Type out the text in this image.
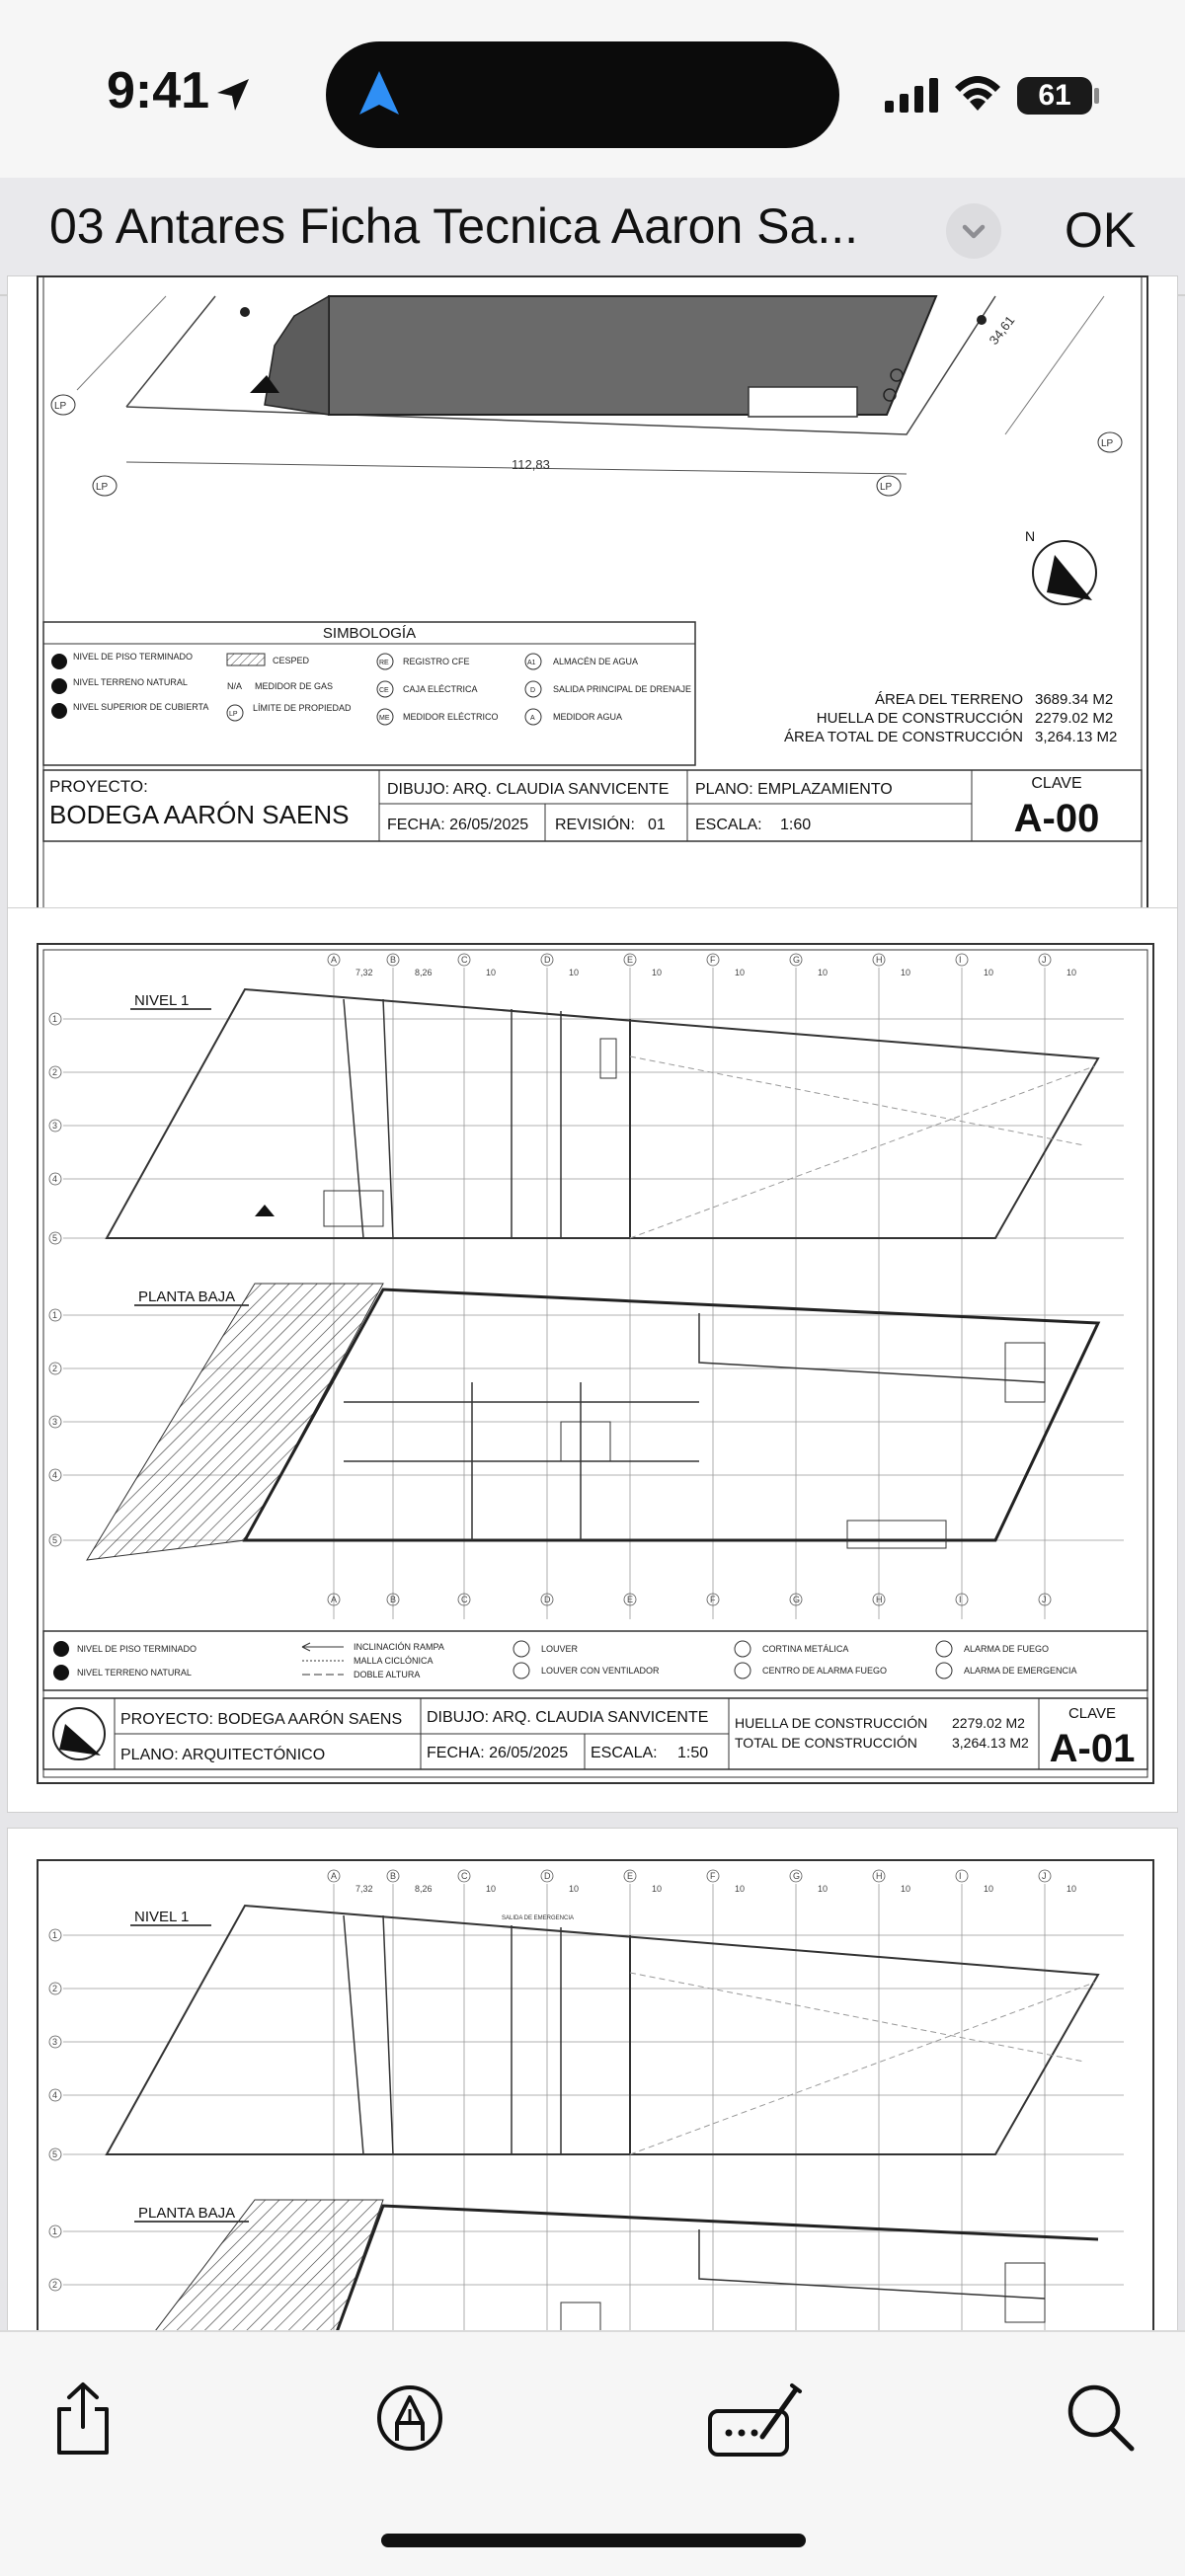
9:41	61
03 Antares Ficha Tecnica Aaron Sa...	OK
112,83
34,61
LP
LP	LP
LP
N
SIMBOLOGÍA
NIVEL DE PISO TERMINADO
NIVEL TERRENO NATURAL
NIVEL SUPERIOR DE CUBIERTA
CESPED
N/A MEDIDOR DE GAS
LP
LÍMITE DE PROPIEDAD
RE REGISTRO CFE
CE CAJA ELÉCTRICA
ME MEDIDOR ELÉCTRICO
A1 ALMACÉN DE AGUA
D SALIDA PRINCIPAL DE DRENAJE
A MEDIDOR AGUA
ÁREA DEL TERRENO 3689.34 M2
HUELLA DE CONSTRUCCIÓN 2279.02 M2
ÁREA TOTAL DE CONSTRUCCIÓN 3,264.13 M2
PROYECTO:
BODEGA AARÓN SAENS
DIBUJO: ARQ. CLAUDIA SANVICENTE
FECHA: 26/05/2025 REVISIÓN: 01
PLANO: EMPLAZAMIENTO
ESCALA: 1:60
CLAVE
A-00
A
7,32
A
B
8,26
B
C
10
C
D
10
D
E
10
E
F
10
F
G
10
G
H
10
H
I
10
I
J
10
J
1
2
3
4
5
1
2
3
4
5
NIVEL 1
PLANTA BAJA
NIVEL DE PISO TERMINADO
NIVEL TERRENO NATURAL
INCLINACIÓN RAMPA
MALLA CICLÓNICA
DOBLE ALTURA
LOUVER
LOUVER CON VENTILADOR
CORTINA METÁLICA
CENTRO DE ALARMA FUEGO
ALARMA DE FUEGO
ALARMA DE EMERGENCIA
PROYECTO: BODEGA AARÓN SAENS
PLANO: ARQUITECTÓNICO
DIBUJO: ARQ. CLAUDIA SANVICENTE
FECHA: 26/05/2025 ESCALA: 1:50
HUELLA DE CONSTRUCCIÓN 2279.02 M2
TOTAL DE CONSTRUCCIÓN	3,264.13 M2
CLAVE
A-01
A
7,32
B
8,26
C
10
D
10
E
10
F
10
G
10
H
10
I
10
J
10
1
2
3
4
5
1
2
NIVEL 1	SALIDA DE EMERGENCIA
PLANTA BAJA
